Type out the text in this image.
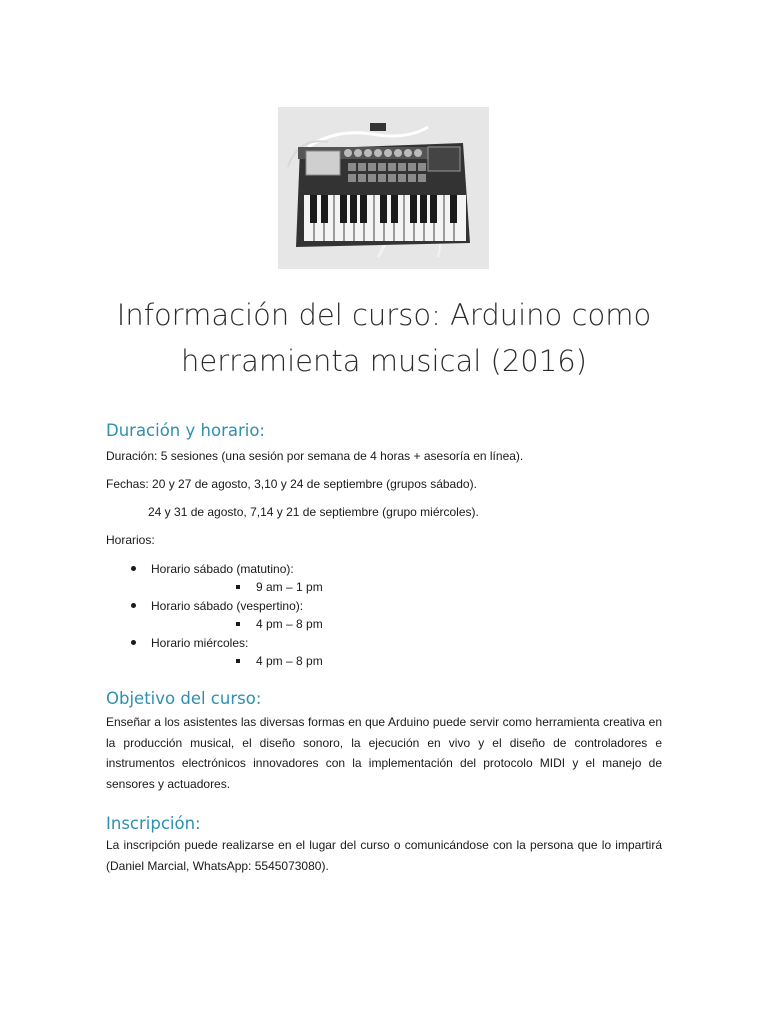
Información del curso: Arduino como
herramienta musical (2016)
Duración y horario:

Duración: 5 sesiones (una sesión por semana de 4 horas + asesoría en línea).

Fechas: 20 y 27 de agosto, 3,10 y 24 de septiembre (grupos sábado).

24 y 31 de agosto, 7,14 y 21 de septiembre (grupo miércoles).

Horarios:

Horario sábado (matutino):
9 am – 1 pm
Horario sábado (vespertino):
4 pm – 8 pm
Horario miércoles:
4 pm – 8 pm
Objetivo del curso:

Enseñar a los asistentes las diversas formas en que Arduino puede servir como herramienta creativa en la producción musical, el diseño sonoro, la ejecución en vivo y el diseño de controladores e instrumentos electrónicos innovadores con la implementación del protocolo MIDI y el manejo de sensores y actuadores.

Inscripción:

La inscripción puede realizarse en el lugar del curso o comunicándose con la persona que lo impartirá (Daniel Marcial, WhatsApp: 5545073080).
